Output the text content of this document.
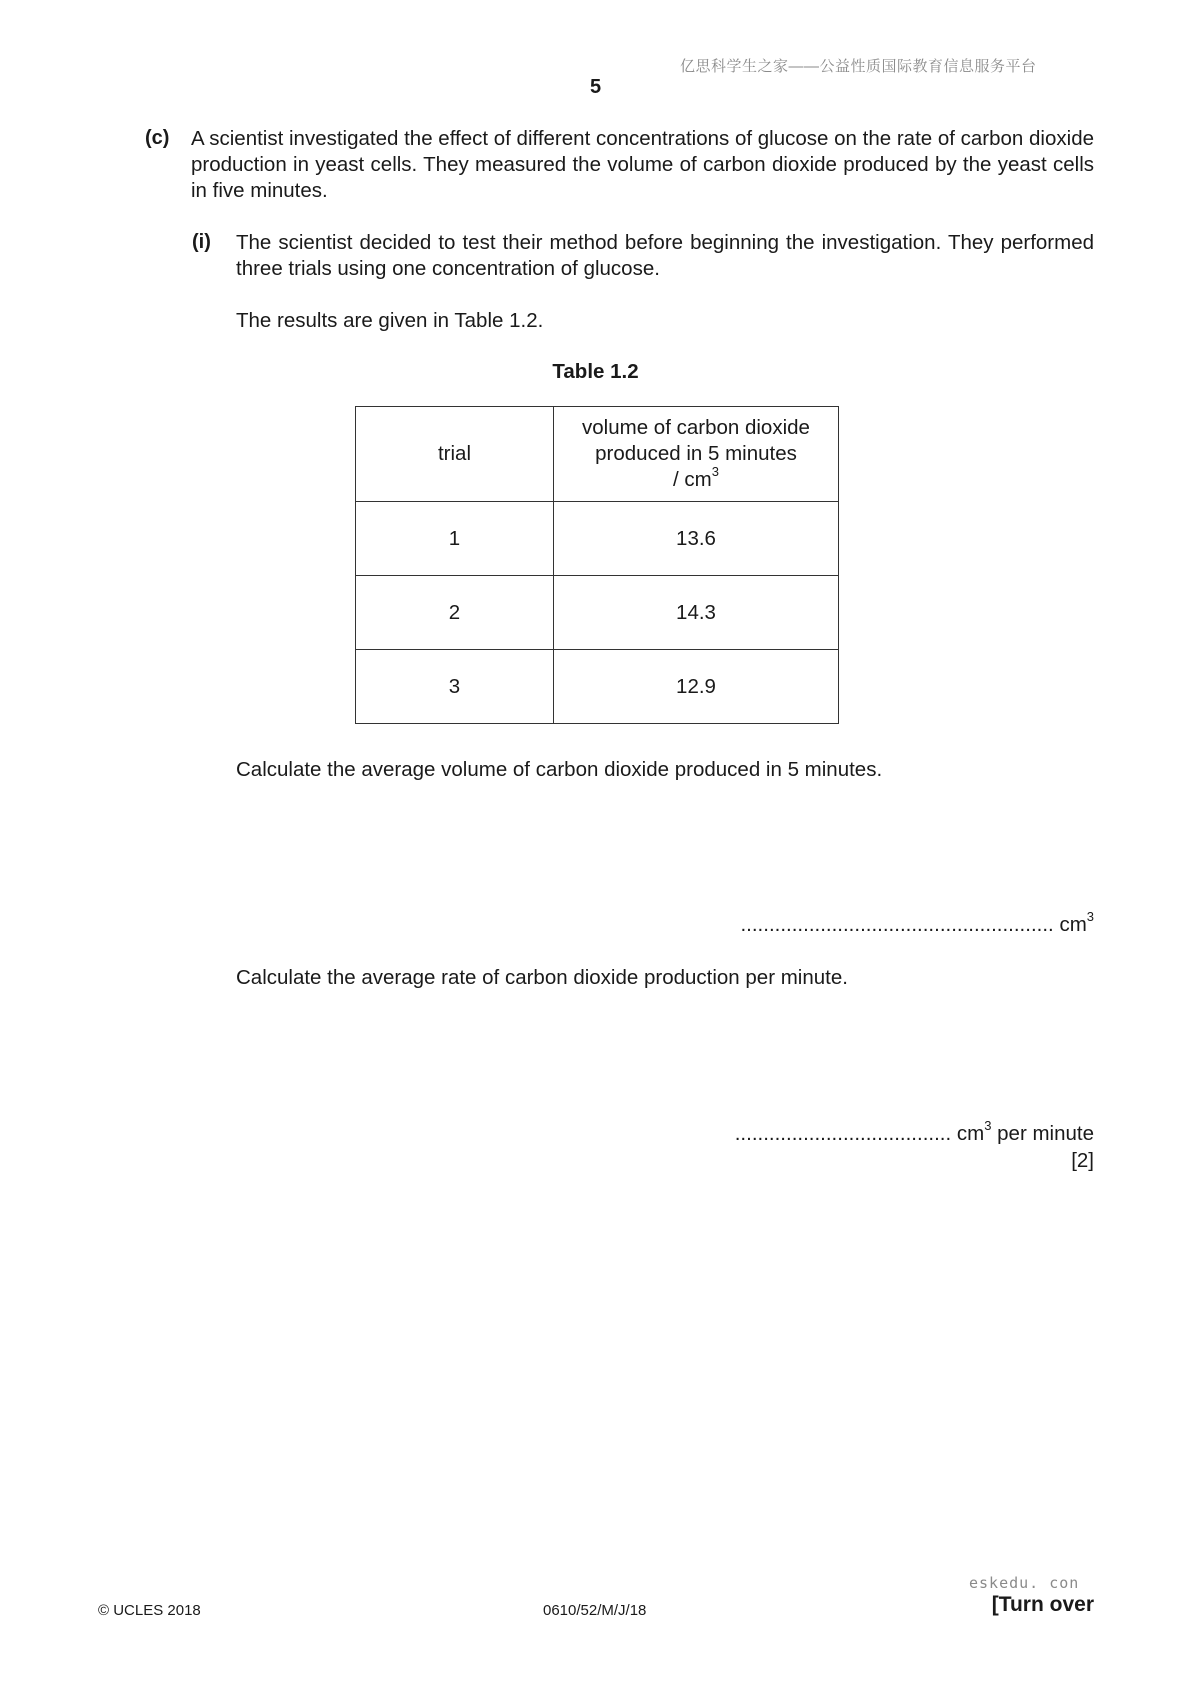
亿思科学生之家——公益性质国际教育信息服务平台
5
(c) A scientist investigated the effect of different concentrations of glucose on the rate of carbon dioxide production in yeast cells. They measured the volume of carbon dioxide produced by the yeast cells in five minutes.
(i) The scientist decided to test their method before beginning the investigation. They performed three trials using one concentration of glucose.
The results are given in Table 1.2.
Table 1.2
trial	volume of carbon dioxide
produced in 5 minutes
/ $cm^3$

1	13.6
2	14.3
3	12.9
Calculate the average volume of carbon dioxide produced in 5 minutes.
....................................................... $cm^3$
Calculate the average rate of carbon dioxide production per minute.
...................................... $cm^3$ per minute
[2]
© UCLES 2018	0610/52/M/J/18
eskedu. con
[Turn over
